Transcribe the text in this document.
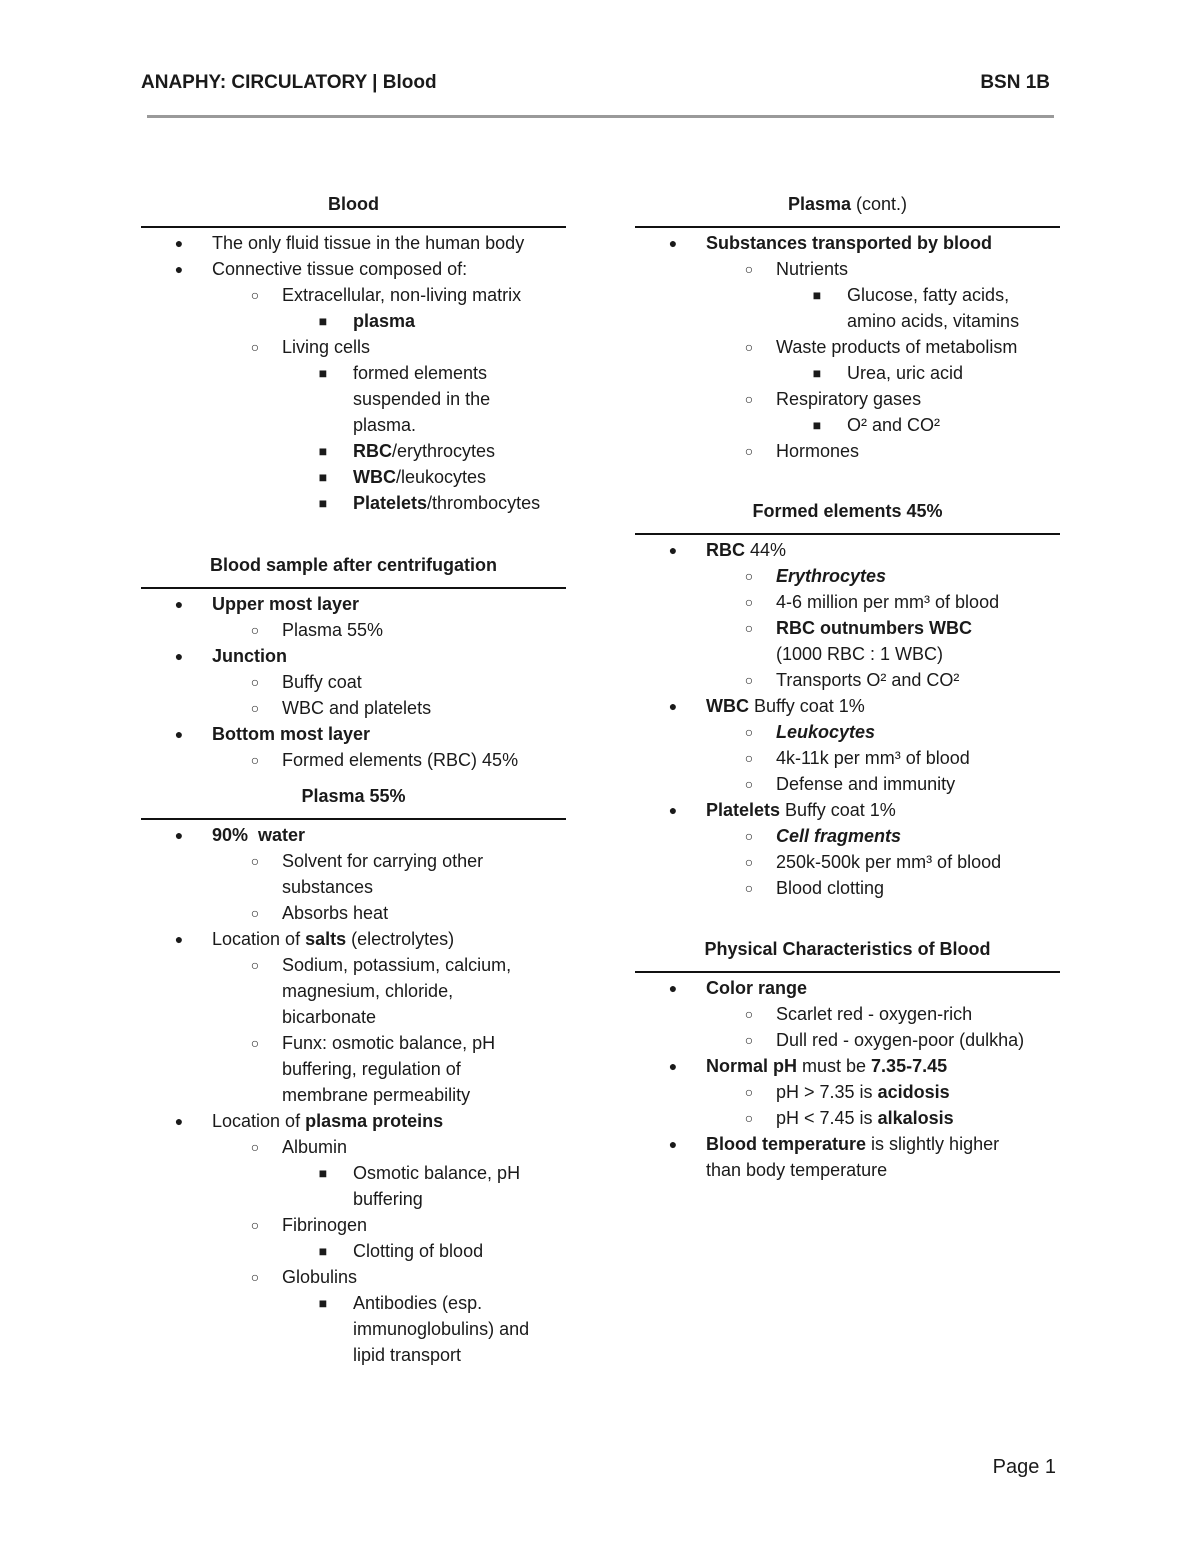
ANAPHY: CIRCULATORY | Blood	BSN 1B
Blood
●	The only fluid tissue in the human body
●	Connective tissue composed of:
○	Extracellular, non-living matrix
■	plasma
○	Living cells
■	formed elements suspended in the plasma.
■	RBC/erythrocytes
■	WBC/leukocytes
■	Platelets/thrombocytes
Blood sample after centrifugation
●	Upper most layer
○	Plasma 55%
●	Junction
○	Buffy coat
○	WBC and platelets
●	Bottom most layer
○	Formed elements (RBC) 45%
Plasma 55%
●	90%  water
○	Solvent for carrying other substances
○	Absorbs heat
●	Location of salts (electrolytes)
○	Sodium, potassium, calcium, magnesium, chloride, bicarbonate
○	Funx: osmotic balance, pH buffering, regulation of membrane permeability
●	Location of plasma proteins
○	Albumin
■	Osmotic balance, pH buffering
○	Fibrinogen
■	Clotting of blood
○	Globulins
■	Antibodies (esp. immunoglobulins) and lipid transport
Plasma (cont.)
●	Substances transported by blood
○	Nutrients
■	Glucose, fatty acids, amino acids, vitamins
○	Waste products of metabolism
■	Urea, uric acid
○	Respiratory gases
■	O² and CO²
○	Hormones
Formed elements 45%
●	RBC 44%
○	Erythrocytes
○	4-6 million per mm³ of blood
○	RBC outnumbers WBC
(1000 RBC : 1 WBC)
○	Transports O² and CO²
●	WBC Buffy coat 1%
○	Leukocytes
○	4k-11k per mm³ of blood
○	Defense and immunity
●	Platelets Buffy coat 1%
○	Cell fragments
○	250k-500k per mm³ of blood
○	Blood clotting
Physical Characteristics of Blood
●	Color range
○	Scarlet red - oxygen-rich
○	Dull red - oxygen-poor (dulkha)
●	Normal pH must be 7.35-7.45
○	pH > 7.35 is acidosis
○	pH < 7.45 is alkalosis
●	Blood temperature is slightly higher than body temperature
Page 1
